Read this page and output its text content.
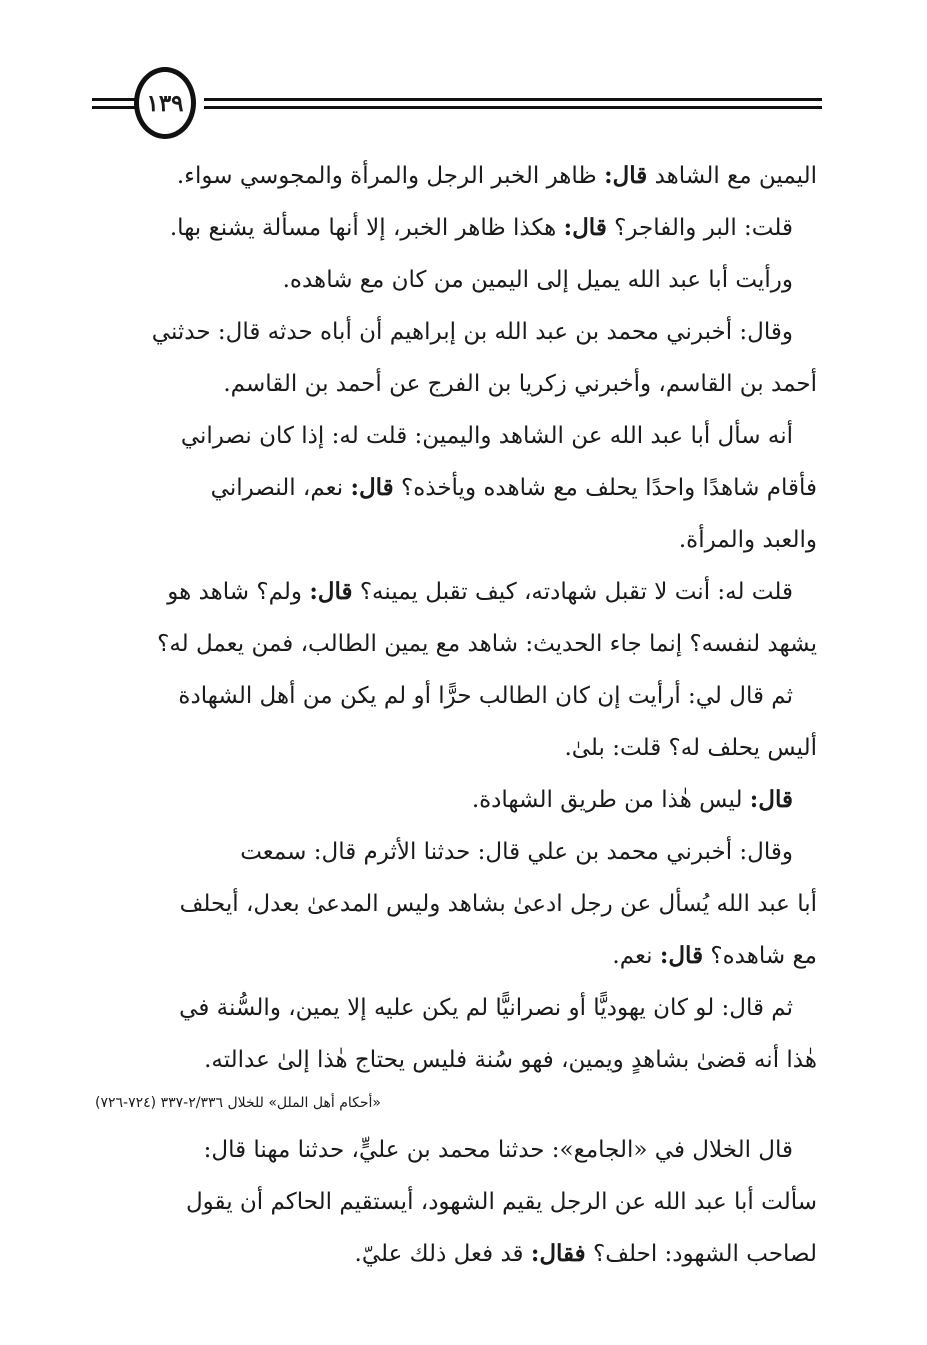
١٣٩
اليمين مع الشاهد قال: ظاهر الخبر الرجل والمرأة والمجوسي سواء.
قلت: البر والفاجر؟ قال: هكذا ظاهر الخبر، إلا أنها مسألة يشنع بها.
ورأيت أبا عبد الله يميل إلى اليمين من كان مع شاهده.
وقال: أخبرني محمد بن عبد الله بن إبراهيم أن أباه حدثه قال: حدثني
أحمد بن القاسم، وأخبرني زكريا بن الفرج عن أحمد بن القاسم.
أنه سأل أبا عبد الله عن الشاهد واليمين: قلت له: إذا كان نصراني
فأقام شاهدًا واحدًا يحلف مع شاهده ويأخذه؟ قال: نعم، النصراني
والعبد والمرأة.
قلت له: أنت لا تقبل شهادته، كيف تقبل يمينه؟ قال: ولم؟ شاهد هو
يشهد لنفسه؟ إنما جاء الحديث: شاهد مع يمين الطالب، فمن يعمل له؟
ثم قال لي: أرأيت إن كان الطالب حرًّا أو لم يكن من أهل الشهادة
أليس يحلف له؟ قلت: بلىٰ.
قال: ليس هٰذا من طريق الشهادة.
وقال: أخبرني محمد بن علي قال: حدثنا الأثرم قال: سمعت
أبا عبد الله يُسأل عن رجل ادعىٰ بشاهد وليس المدعىٰ بعدل، أيحلف
مع شاهده؟ قال: نعم.
ثم قال: لو كان يهوديًّا أو نصرانيًّا لم يكن عليه إلا يمين، والسُّنة في
هٰذا أنه قضىٰ بشاهدٍ ويمين، فهو سُنة فليس يحتاج هٰذا إلىٰ عدالته.
«أحكام أهل الملل» للخلال ٢/٣٣٦-٣٣٧ (٧٢٤-٧٢٦)
قال الخلال في «الجامع»: حدثنا محمد بن عليٍّ، حدثنا مهنا قال:
سألت أبا عبد الله عن الرجل يقيم الشهود، أيستقيم الحاكم أن يقول
لصاحب الشهود: احلف؟ فقال: قد فعل ذلك عليّ.
